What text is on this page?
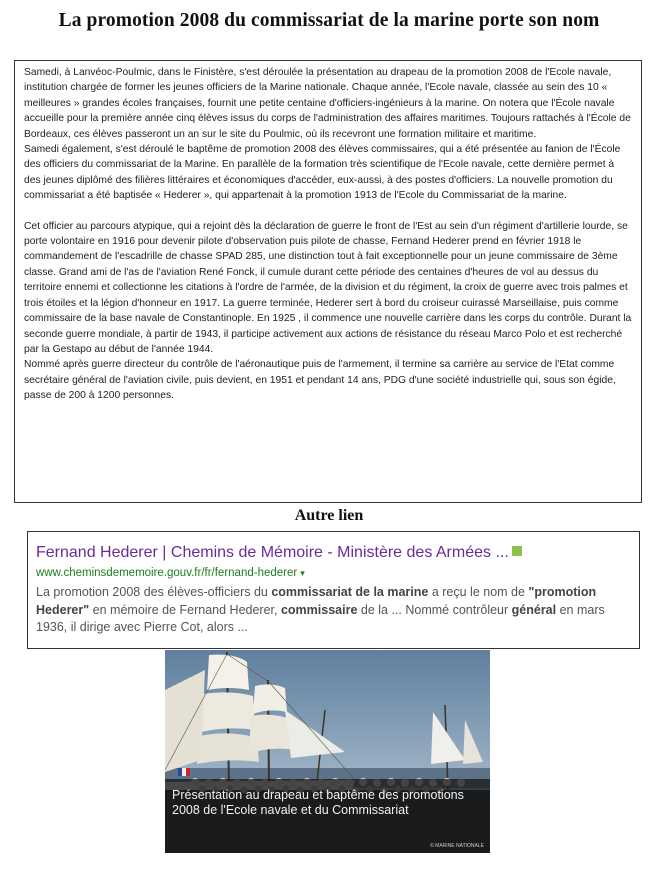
La promotion 2008 du commissariat de la marine porte son nom

Samedi, à Lanvéoc-Poulmic, dans le Finistère, s'est déroulée la présentation au drapeau de la promotion 2008 de l'Ecole navale, institution chargée de former les jeunes officiers de la Marine nationale. Chaque année, l'Ecole navale, classée au sein des 10 « meilleures » grandes écoles françaises, fournit une petite centaine d'officiers-ingénieurs à la marine. On notera que l'École navale accueille pour la première année cinq élèves issus du corps de l'administration des affaires maritimes. Toujours rattachés à l'École de Bordeaux, ces élèves passeront un an sur le site du Poulmic, où ils recevront une formation militaire et maritime.

Samedi également, s'est déroulé le baptême de promotion 2008 des élèves commissaires, qui a été présentée au fanion de l'École des officiers du commissariat de la Marine. En parallèle de la formation très scientifique de l'Ecole navale, cette dernière permet à des jeunes diplômé des filières littéraires et économiques d'accéder, eux-aussi, à des postes d'officiers. La nouvelle promotion du commissariat a été baptisée « Hederer », qui appartenait à la promotion 1913 de l'Ecole du Commissariat de la marine.

Cet officier au parcours atypique, qui a rejoint dès la déclaration de guerre le front de l'Est au sein d'un régiment d'artillerie lourde, se porte volontaire en 1916 pour devenir pilote d'observation puis pilote de chasse, Fernand Hederer prend en février 1918 le commandement de l'escadrille de chasse SPAD 285, une distinction tout à fait exceptionnelle pour un jeune commissaire de 3ème classe. Grand ami de l'as de l'aviation René Fonck, il cumule durant cette période des centaines d'heures de vol au dessus du territoire ennemi et collectionne les citations à l'ordre de l'armée, de la division et du régiment, la croix de guerre avec trois palmes et trois étoiles et la légion d'honneur en 1917. La guerre terminée, Hederer sert à bord du croiseur cuirassé Marseillaise, puis comme commissaire de la base navale de Constantinople. En 1925 , il commence une nouvelle carrière dans les corps du contrôle. Durant la seconde guerre mondiale, à partir de 1943, il participe activement aux actions de résistance du réseau Marco Polo et est recherché par la Gestapo au début de l'année 1944.

Nommé après guerre directeur du contrôle de l'aéronautique puis de l'armement, il termine sa carrière au service de l'Etat comme secrétaire général de l'aviation civile, puis devient, en 1951 et pendant 14 ans, PDG d'une société industrielle qui, sous son égide, passe de 200 à 1200 personnes.

Autre lien
Fernand Hederer | Chemins de Mémoire - Ministère des Armées ...
www.cheminsdememoire.gouv.fr/fr/fernand-hederer ▾
La promotion 2008 des élèves-officiers du commissariat de la marine a reçu le nom de "promotion Hederer" en mémoire de Fernand Hederer, commissaire de la ... Nommé contrôleur général en mars 1936, il dirige avec Pierre Cot, alors ...
Présentation au drapeau et baptême des promotions 2008 de l'Ecole navale et du Commissariat
© MARINE NATIONALE
